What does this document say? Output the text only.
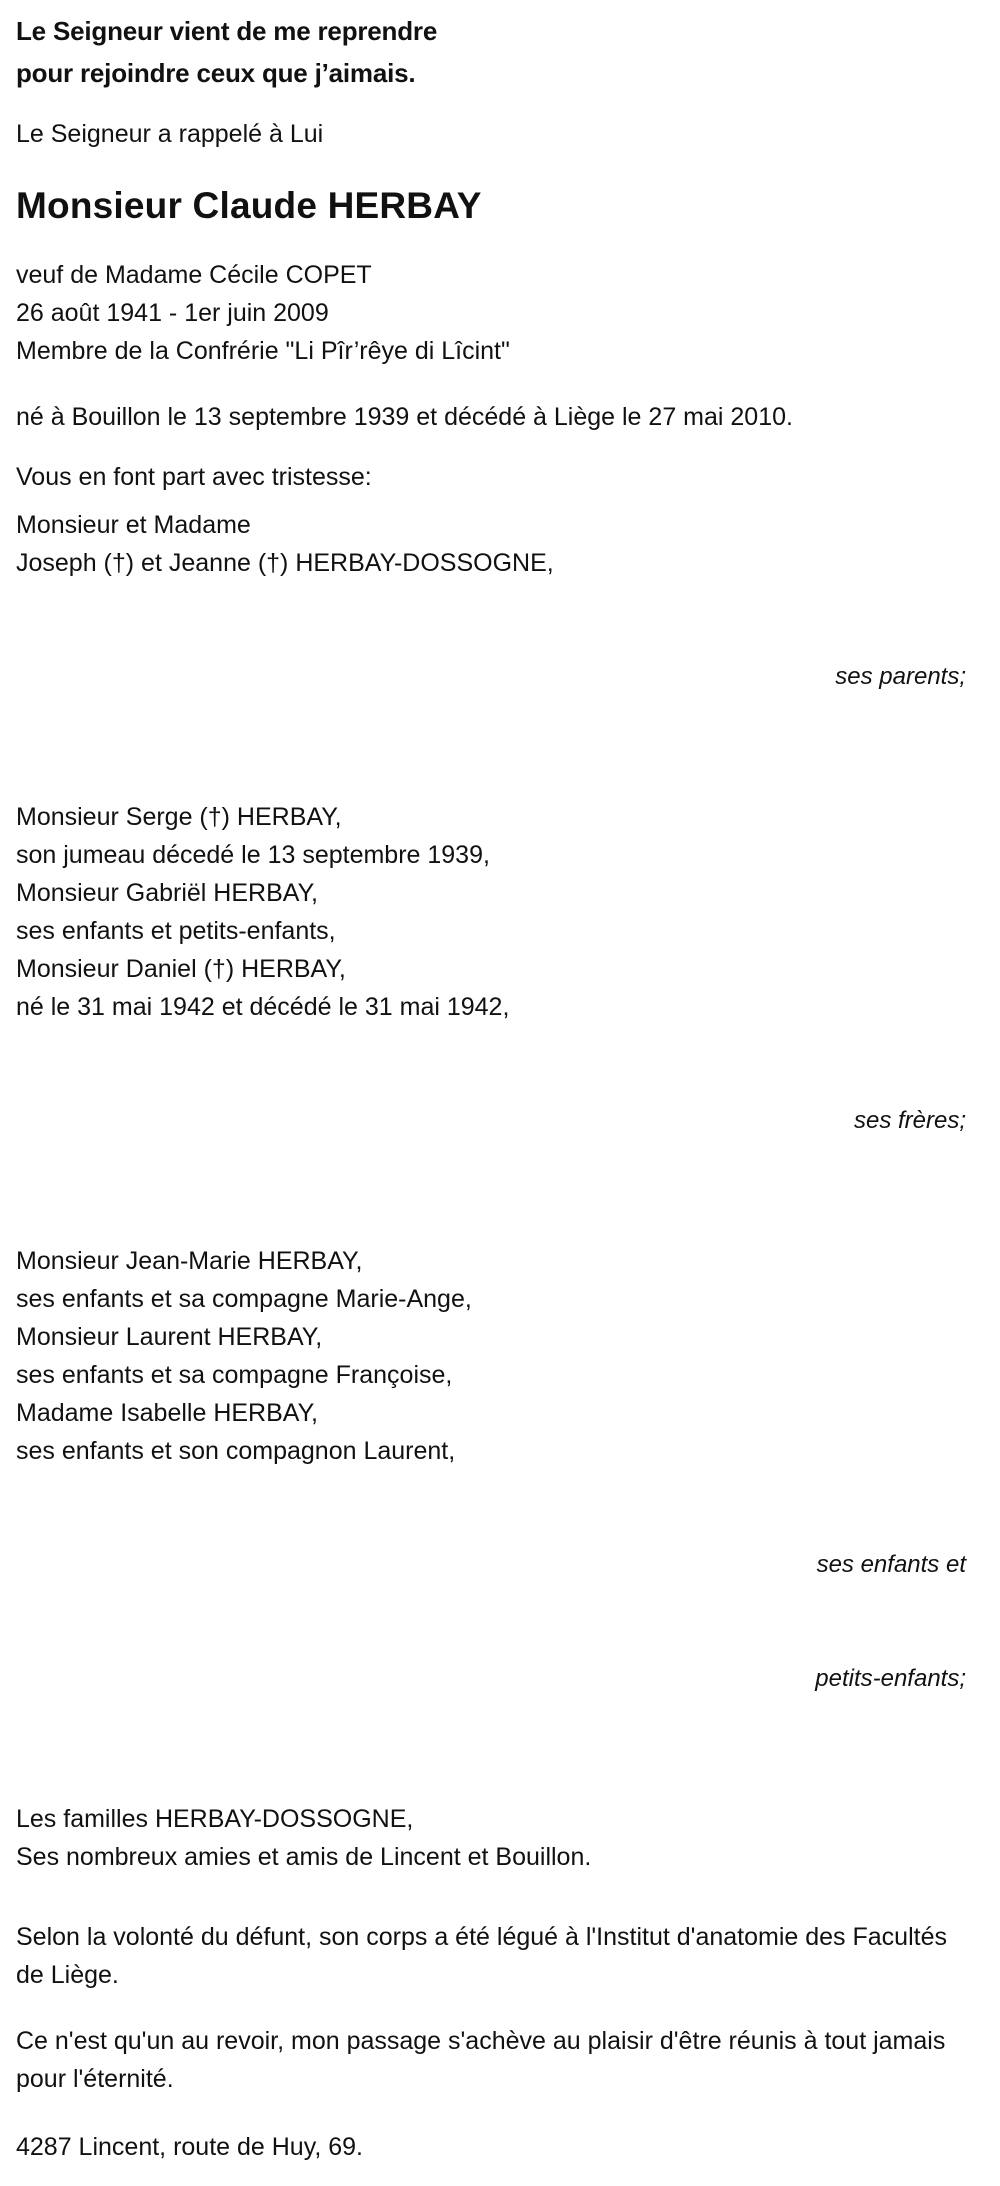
Le Seigneur vient de me reprendre
pour rejoindre ceux que j’aimais.
Le Seigneur a rappelé à Lui
Monsieur Claude HERBAY
veuf de Madame Cécile COPET
26 août 1941 - 1er juin 2009
Membre de la Confrérie "Li Pîr’rêye di Lîcint"
né à Bouillon le 13 septembre 1939 et décédé à Liège le 27 mai 2010.
Vous en font part avec tristesse:
Monsieur et Madame
Joseph (†) et Jeanne (†) HERBAY-DOSSOGNE,

ses parents;

Monsieur Serge (†) HERBAY,
son jumeau décedé le 13 septembre 1939,
Monsieur Gabriël HERBAY,
ses enfants et petits-enfants,
Monsieur Daniel (†) HERBAY,
né le 31 mai 1942 et décédé le 31 mai 1942,

ses frères;

Monsieur Jean-Marie HERBAY,
ses enfants et sa compagne Marie-Ange,
Monsieur Laurent HERBAY,
ses enfants et sa compagne Françoise,
Madame Isabelle HERBAY,
ses enfants et son compagnon Laurent,

ses enfants et

petits-enfants;

Les familles HERBAY-DOSSOGNE,
Ses nombreux amies et amis de Lincent et Bouillon.

Selon la volonté du défunt, son corps a été légué à l'Institut d'anatomie des Facultés de Liège.

Ce n'est qu'un au revoir, mon passage s'achève au plaisir d'être réunis à tout jamais pour l'éternité.

4287 Lincent, route de Huy, 69.
